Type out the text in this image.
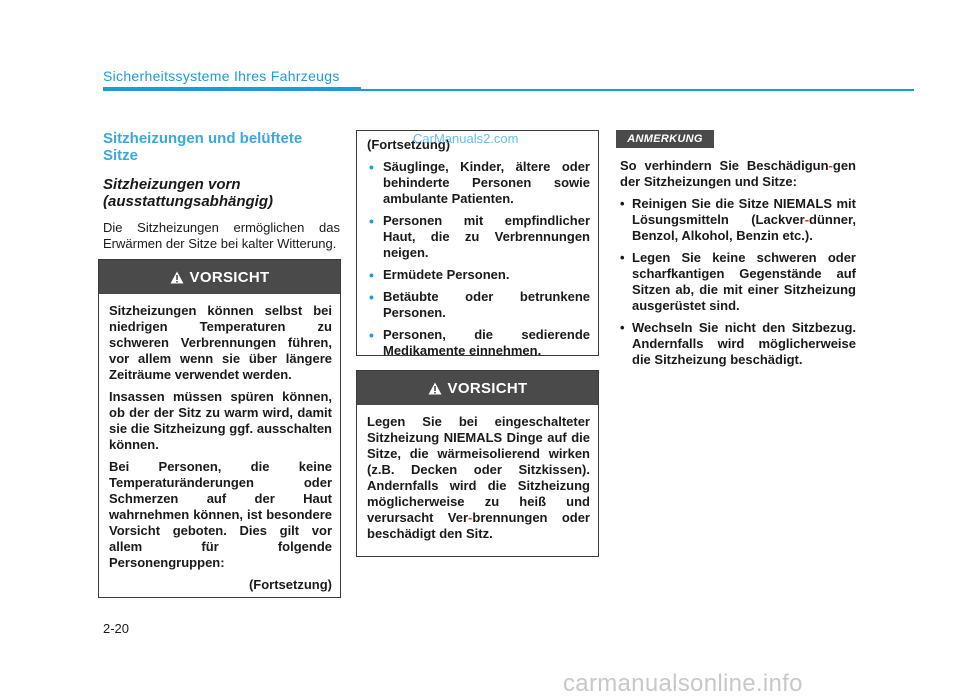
Sicherheitssysteme Ihres Fahrzeugs
Sitzheizungen und belüftete Sitze
Sitzheizungen vorn (ausstattungsabhängig)

Die Sitzheizungen ermöglichen das Erwärmen der Sitze bei kalter Witterung.

VORSICHT

Sitzheizungen können selbst bei niedrigen Temperaturen zu schweren Verbrennungen führen, vor allem wenn sie über längere Zeiträume verwendet werden.

Insassen müssen spüren können, ob der der Sitz zu warm wird, damit sie die Sitzheizung ggf. ausschalten können.

Bei Personen, die keine Temperaturänderungen oder Schmerzen auf der Haut wahrnehmen können, ist besondere Vorsicht geboten. Dies gilt vor allem für folgende Personengruppen:

(Fortsetzung)

(Fortsetzung)

• Säuglinge, Kinder, ältere oder behinderte Personen sowie ambulante Patienten.
• Personen mit empfindlicher Haut, die zu Verbrennungen neigen.
• Ermüdete Personen.
• Betäubte oder betrunkene Personen.
• Personen, die sedierende Medikamente einnehmen.
CarManuals2.com
VORSICHT

Legen Sie bei eingeschalteter Sitzheizung NIEMALS Dinge auf die Sitze, die wärmeisolierend wirken (z.B. Decken oder Sitzkissen). Andernfalls wird die Sitzheizung möglicherweise zu heiß und verursacht Ver-brennungen oder beschädigt den Sitz.

ANMERKUNG

So verhindern Sie Beschädigun-gen der Sitzheizungen und Sitze:

• Reinigen Sie die Sitze NIEMALS mit Lösungsmitteln (Lackver-dünner, Benzol, Alkohol, Benzin etc.).
• Legen Sie keine schweren oder scharfkantigen Gegenstände auf Sitzen ab, die mit einer Sitzheizung ausgerüstet sind.
• Wechseln Sie nicht den Sitzbezug. Andernfalls wird möglicherweise die Sitzheizung beschädigt.
2-20
carmanualsonline.info
